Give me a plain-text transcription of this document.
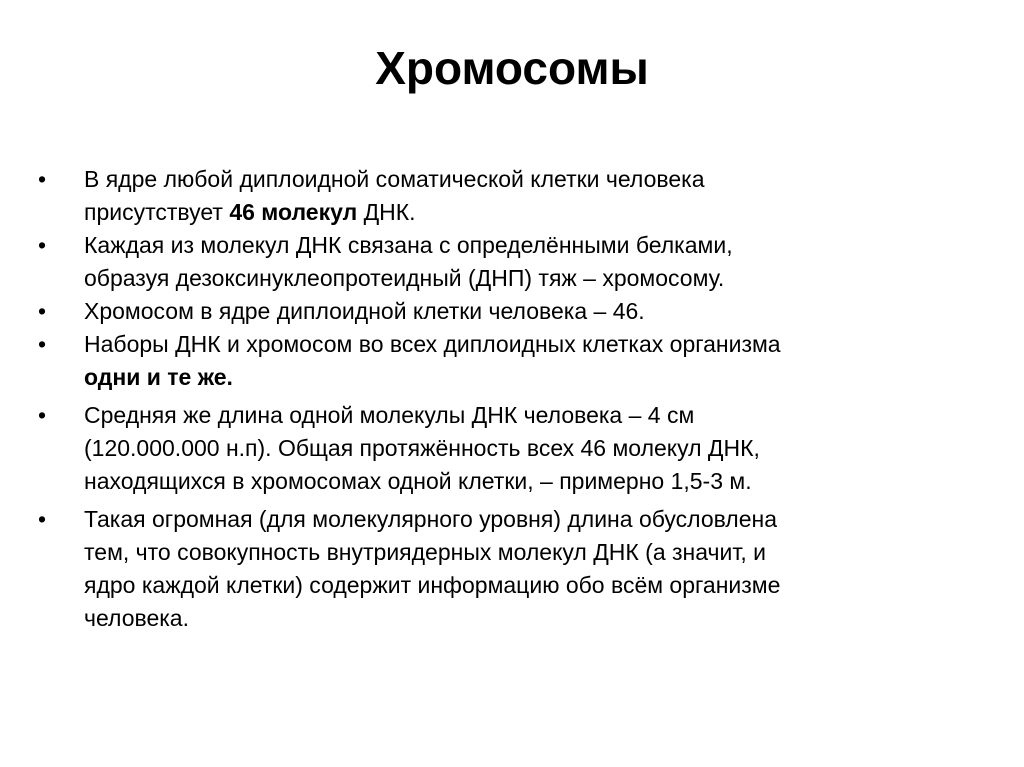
Хромосомы
•	В ядре любой диплоидной соматической клетки человека
присутствует 46 молекул ДНК.
•	Каждая из молекул ДНК связана с определёнными белками,
образуя дезоксинуклеопротеидный (ДНП) тяж – хромосому.
•	Хромосом в ядре диплоидной клетки человека – 46.
•	Наборы ДНК и хромосом во всех диплоидных клетках организма
одни и те же.
•	Средняя же длина одной молекулы ДНК человека – 4 см
(120.000.000 н.п). Общая протяжённость всех 46 молекул ДНК,
находящихся в хромосомах одной клетки, – примерно 1,5-3 м.
•	Такая огромная (для молекулярного уровня) длина обусловлена
тем, что совокупность внутриядерных молекул ДНК (а значит, и
ядро каждой клетки) содержит информацию обо всём организме
человека.
